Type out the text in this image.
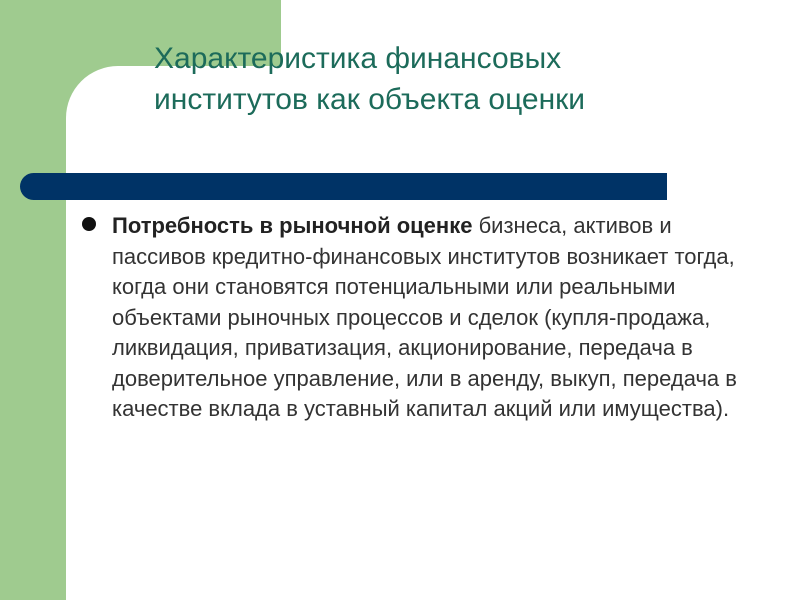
Характеристика финансовых
институтов как объекта оценки
Потребность в рыночной оценке бизнеса, активов и пассивов кредитно-финансовых институтов возникает тогда, когда они становятся потенциальными или реальными объектами рыночных процессов и сделок (купля-продажа, ликвидация, приватизация, акционирование, передача в доверительное управление, или в аренду, выкуп, передача в качестве вклада в уставный капитал акций или имущества).
